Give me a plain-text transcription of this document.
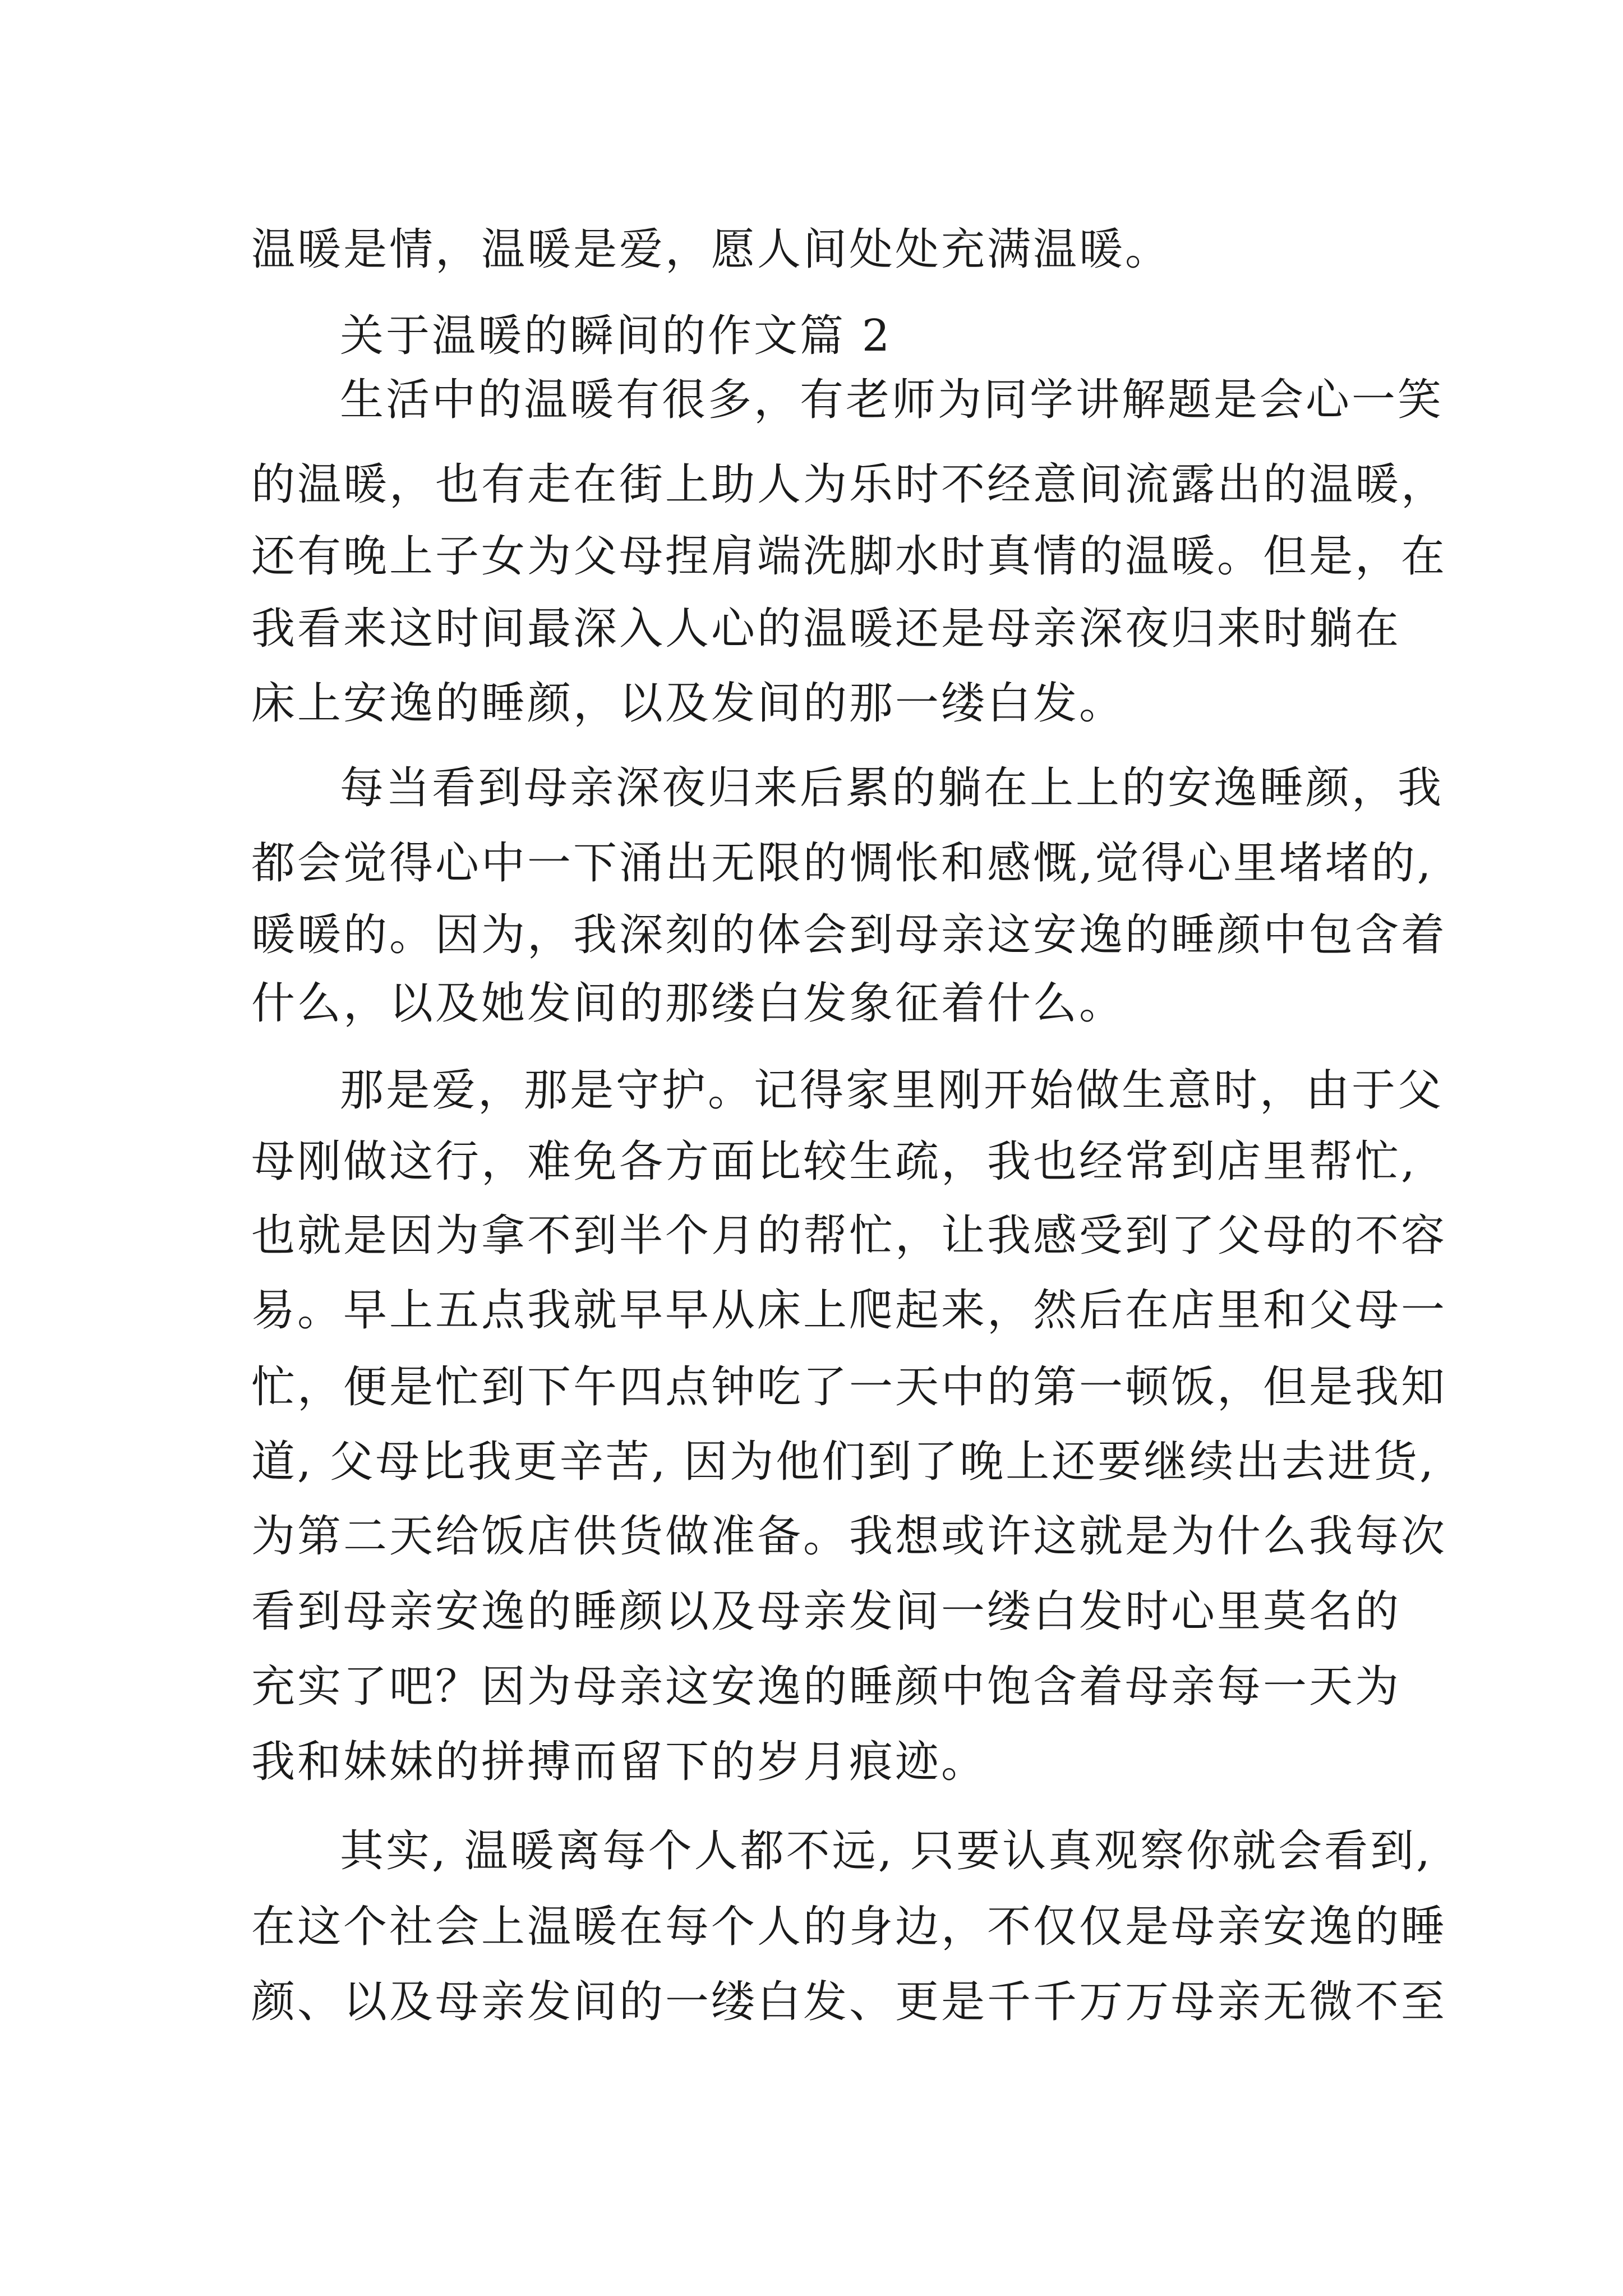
温暖是情，温暖是爱，愿人间处处充满温暖。
关于温暖的瞬间的作文篇 2
生活中的温暖有很多，有老师为同学讲解题是会心一笑
的温暖，也有走在街上助人为乐时不经意间流露出的温暖，
还有晚上子女为父母捏肩端洗脚水时真情的温暖。但是，在
我看来这时间最深入人心的温暖还是母亲深夜归来时躺在
床上安逸的睡颜，以及发间的那一缕白发。
每当看到母亲深夜归来后累的躺在上上的安逸睡颜，我
都会觉得心中一下涌出无限的惆怅和感慨,觉得心里堵堵的,
暖暖的。因为，我深刻的体会到母亲这安逸的睡颜中包含着
什么，以及她发间的那缕白发象征着什么。
那是爱，那是守护。记得家里刚开始做生意时，由于父
母刚做这行，难免各方面比较生疏，我也经常到店里帮忙,
也就是因为拿不到半个月的帮忙，让我感受到了父母的不容
易。早上五点我就早早从床上爬起来，然后在店里和父母一
忙，便是忙到下午四点钟吃了一天中的第一顿饭，但是我知
道, 父母比我更辛苦, 因为他们到了晚上还要继续出去进货,
为第二天给饭店供货做准备。我想或许这就是为什么我每次
看到母亲安逸的睡颜以及母亲发间一缕白发时心里莫名的
充实了吧？因为母亲这安逸的睡颜中饱含着母亲每一天为
我和妹妹的拼搏而留下的岁月痕迹。
其实, 温暖离每个人都不远, 只要认真观察你就会看到,
在这个社会上温暖在每个人的身边，不仅仅是母亲安逸的睡
颜、以及母亲发间的一缕白发、更是千千万万母亲无微不至
